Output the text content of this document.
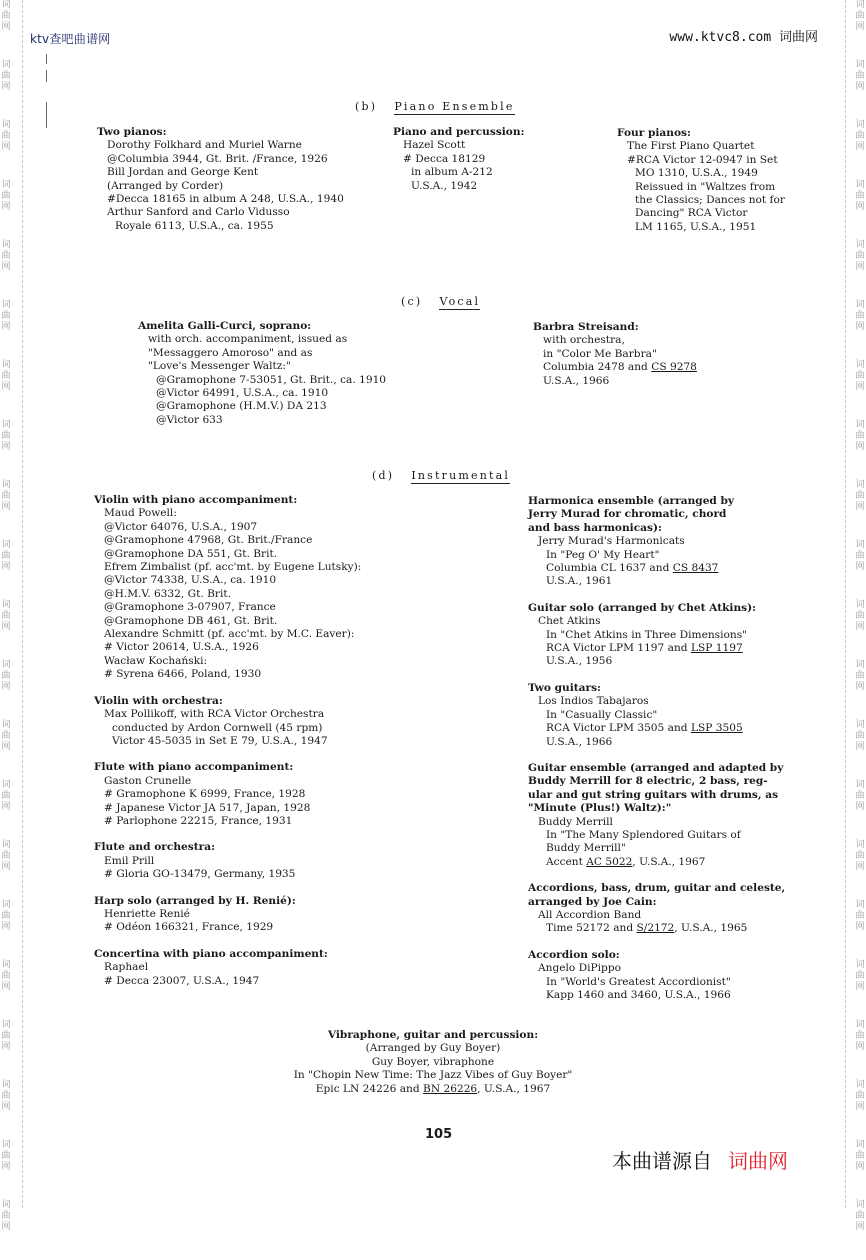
词
曲
网
词
曲
网
词
曲
网
词
曲
网
词
曲
网
词
曲
网
词
曲
网
词
曲
网
词
曲
网
词
曲
网
词
曲
网
词
曲
网
词
曲
网
词
曲
网
词
曲
网
词
曲
网
词
曲
网
词
曲
网
词
曲
网
词
曲
网
词
曲
网
词
曲
网
词
曲
网
词
曲
网
词
曲
网
词
曲
网
词
曲
网
词
曲
网
词
曲
网
词
曲
网
词
曲
网
词
曲
网
词
曲
网
词
曲
网
词
曲
网
词
曲
网
词
曲
网
词
曲
网
词
曲
网
词
曲
网
词
曲
网
词
曲
网
ktv查吧曲谱网	www.ktvc8.com 词曲网
(b) Piano Ensemble
Two pianos:
Dorothy Folkhard and Muriel Warne
@Columbia 3944, Gt. Brit. /France, 1926
Bill Jordan and George Kent
(Arranged by Corder)
#Decca 18165 in album A 248, U.S.A., 1940
Arthur Sanford and Carlo Vidusso
Royale 6113, U.S.A., ca. 1955
Piano and percussion:
Hazel Scott
# Decca 18129
in album A-212
U.S.A., 1942
Four pianos:
The First Piano Quartet
#RCA Victor 12-0947 in Set
MO 1310, U.S.A., 1949
Reissued in "Waltzes from
the Classics; Dances not for
Dancing" RCA Victor
LM 1165, U.S.A., 1951
(c) Vocal
Amelita Galli-Curci, soprano:
with orch. accompaniment, issued as
"Messaggero Amoroso" and as
"Love's Messenger Waltz:"
@Gramophone 7-53051, Gt. Brit., ca. 1910
@Victor 64991, U.S.A., ca. 1910
@Gramophone (H.M.V.) DA 213
@Victor 633
Barbra Streisand:
with orchestra,
in "Color Me Barbra"
Columbia 2478 and CS 9278
U.S.A., 1966
(d) Instrumental
Violin with piano accompaniment:
Maud Powell:
@Victor 64076, U.S.A., 1907
@Gramophone 47968, Gt. Brit./France
@Gramophone DA 551, Gt. Brit.
Efrem Zimbalist (pf. acc'mt. by Eugene Lutsky):
@Victor 74338, U.S.A., ca. 1910
@H.M.V. 6332, Gt. Brit.
@Gramophone 3-07907, France
@Gramophone DB 461, Gt. Brit.
Alexandre Schmitt (pf. acc'mt. by M.C. Eaver):
# Victor 20614, U.S.A., 1926
Wacław Kochański:
# Syrena 6466, Poland, 1930
Violin with orchestra:
Max Pollikoff, with RCA Victor Orchestra
conducted by Ardon Cornwell (45 rpm)
Victor 45-5035 in Set E 79, U.S.A., 1947
Flute with piano accompaniment:
Gaston Crunelle
# Gramophone K 6999, France, 1928
# Japanese Victor JA 517, Japan, 1928
# Parlophone 22215, France, 1931
Flute and orchestra:
Emil Prill
# Gloria GO-13479, Germany, 1935
Harp solo (arranged by H. Renié):
Henriette Renié
# Odéon 166321, France, 1929
Concertina with piano accompaniment:
Raphael
# Decca 23007, U.S.A., 1947
Harmonica ensemble (arranged by
Jerry Murad for chromatic, chord
and bass harmonicas):
Jerry Murad's Harmonicats
In "Peg O' My Heart"
Columbia CL 1637 and CS 8437
U.S.A., 1961
Guitar solo (arranged by Chet Atkins):
Chet Atkins
In "Chet Atkins in Three Dimensions"
RCA Victor LPM 1197 and LSP 1197
U.S.A., 1956
Two guitars:
Los Indios Tabajaros
In "Casually Classic"
RCA Victor LPM 3505 and LSP 3505
U.S.A., 1966
Guitar ensemble (arranged and adapted by
Buddy Merrill for 8 electric, 2 bass, reg-
ular and gut string guitars with drums, as
"Minute (Plus!) Waltz):"
Buddy Merrill
In "The Many Splendored Guitars of
Buddy Merrill"
Accent AC 5022, U.S.A., 1967
Accordions, bass, drum, guitar and celeste,
arranged by Joe Cain:
All Accordion Band
Time 52172 and S/2172, U.S.A., 1965
Accordion solo:
Angelo DiPippo
In "World's Greatest Accordionist"
Kapp 1460 and 3460, U.S.A., 1966
Vibraphone, guitar and percussion:
(Arranged by Guy Boyer)
Guy Boyer, vibraphone
In "Chopin New Time: The Jazz Vibes of Guy Boyer"
Epic LN 24226 and BN 26226, U.S.A., 1967
105
本曲谱源自 词曲网
